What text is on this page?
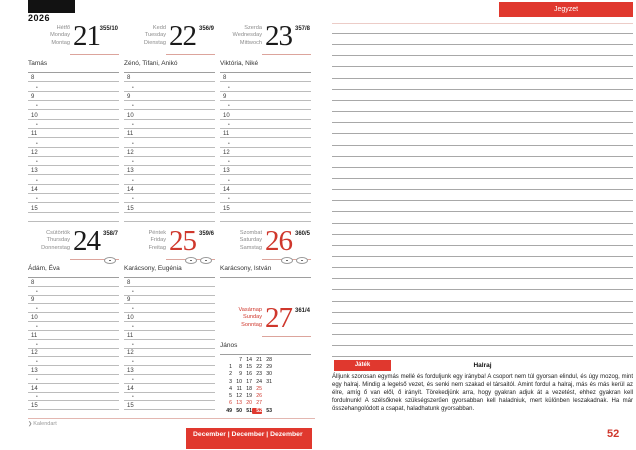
2026
Hétfő
Monday
Montag 21 355/10
Tamás
8
•
9
•
10
•
11
•
12
•
13
•
14
•
15
Kedd
Tuesday
Dienstag 22 356/9
Zénó, Tifani, Anikó
8
•
9
•
10
•
11
•
12
•
13
•
14
•
15
Szerda
Wednesday
Mittwoch 23 357/8
Viktória, Niké
8
•
9
•
10
•
11
•
12
•
13
•
14
•
15
Csütörtök
Thursday
Donnerstag 24 358/7
Ádám, Éva
8
•
9
•
10
•
11
•
12
•
13
•
14
•
15
Péntek
Friday
Freitag 25 359/6
Karácsony, Eugénia
8
•
9
•
10
•
11
•
12
•
13
•
14
•
15
Szombat
Saturday
Samstag 26 360/5
Karácsony, István
Vasárnap
Sunday
Sonntag 27 361/4
János
7 14 21 28
1	8 15 22 29
2	9 16 23 30
3 10 17 24 31
4 11 18 25
5 12 19 26
6 13 20 27
49 50 51 52 53
❯ Kalendart
December | December | Dezember	52
Jegyzet
Játék	Halraj
Álljunk szorosan egymás mellé és forduljunk egy irányba! A csoport nem túl gyorsan elindul, és úgy mozog, mint egy halraj. Mindig a legelső vezet, és senki nem szakad el társaitól. Amint fordul a halraj, más és más kerül az élre, amíg ő van elől, ő irányít. Törekedjünk arra, hogy gyakran adjuk át a vezetést, ehhez gyakran kell fordulnunk! A szélsőknek szükségszerűen gyorsabban kell haladniuk, mert különben leszakadnak. Ha már összehangolódott a csapat, haladhatunk gyorsabban.
